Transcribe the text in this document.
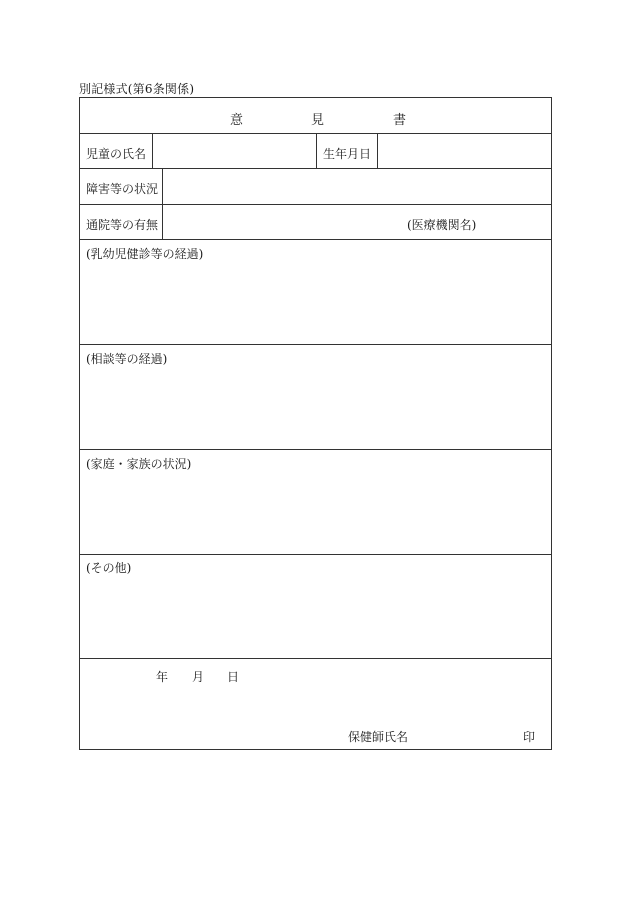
別記様式(第6条関係)
意	見	書
児童の氏名	生年月日
障害等の状況
通院等の有無	(医療機関名)
(乳幼児健診等の経過)
(相談等の経過)
(家庭・家族の状況)
(その他)
年 月 日
保健師氏名	印
